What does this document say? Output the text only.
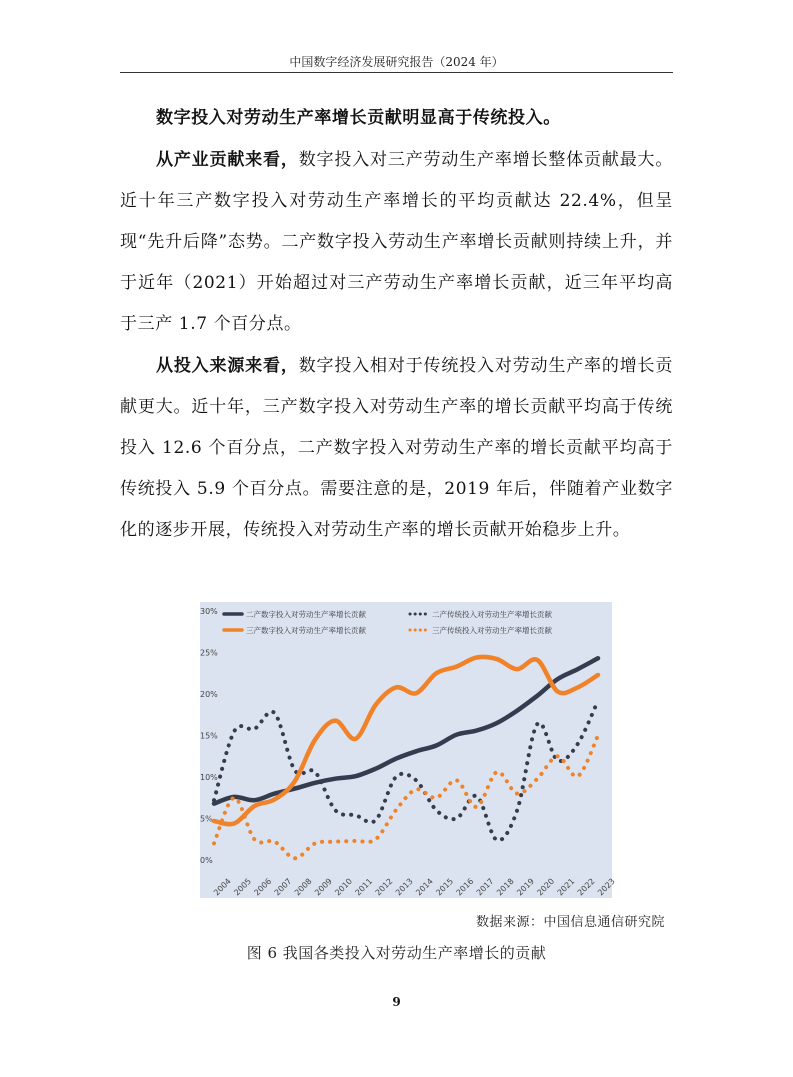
中国数字经济发展研究报告（2024 年）

数字投入对劳动生产率增长贡献明显高于传统投入。

从产业贡献来看，数字投入对三产劳动生产率增长整体贡献最大。近十年三产数字投入对劳动生产率增长的平均贡献达 22.4%，但呈现“先升后降”态势。二产数字投入劳动生产率增长贡献则持续上升，并于近年（2021）开始超过对三产劳动生产率增长贡献，近三年平均高于三产 1.7 个百分点。

从投入来源来看，数字投入相对于传统投入对劳动生产率的增长贡献更大。近十年，三产数字投入对劳动生产率的增长贡献平均高于传统投入 12.6 个百分点，二产数字投入对劳动生产率的增长贡献平均高于传统投入 5.9 个百分点。需要注意的是，2019 年后，伴随着产业数字化的逐步开展，传统投入对劳动生产率的增长贡献开始稳步上升。

0%
5%
10%
15%
20%
25%
30%
2004 2005 2006 2007 2008 2009 2010 2011 2012 2013 2014 2015 2016 2017 2018 2019 2020 2021 2022 2023
二产数字投入对劳动生产率增长贡献	二产传统投入对劳动生产率增长贡献
三产数字投入对劳动生产率增长贡献	三产传统投入对劳动生产率增长贡献
数据来源：中国信息通信研究院
图 6 我国各类投入对劳动生产率增长的贡献
9
